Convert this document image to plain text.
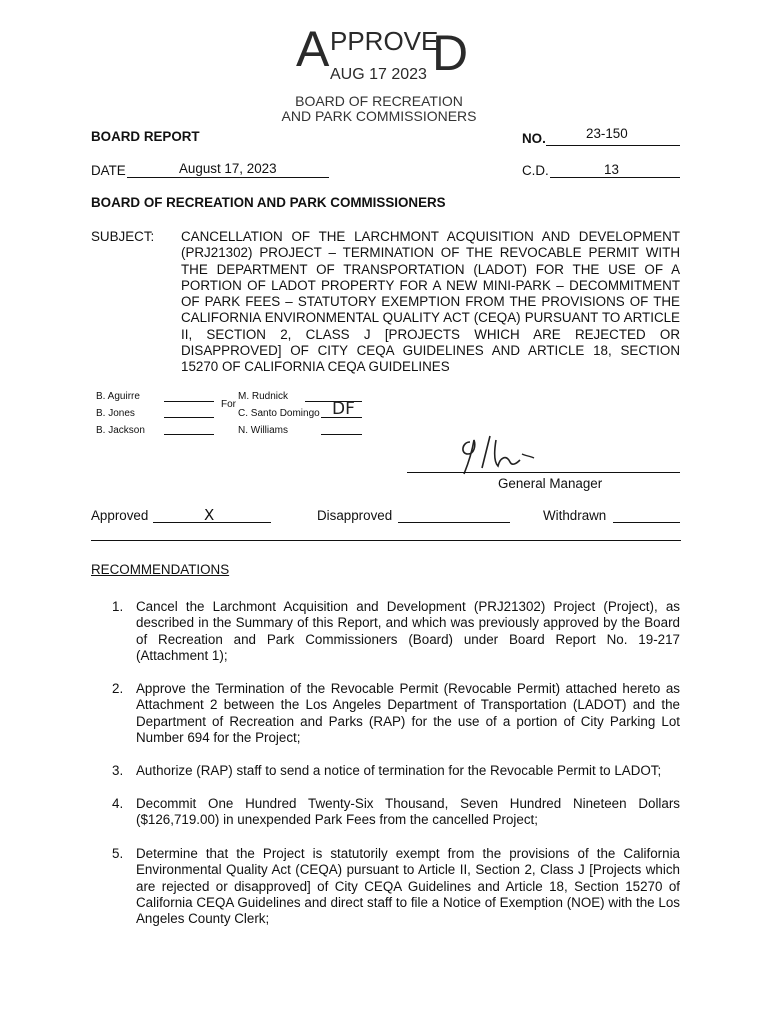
A PPROVE
D
AUG 17 2023
BOARD OF RECREATION
AND PARK COMMISSIONERS
BOARD REPORT	NO.	23-150
DATE	August 17, 2023	C.D.	13
BOARD OF RECREATION AND PARK COMMISSIONERS
SUBJECT: CANCELLATION OF THE LARCHMONT ACQUISITION AND DEVELOPMENT (PRJ21302) PROJECT – TERMINATION OF THE REVOCABLE PERMIT WITH THE DEPARTMENT OF TRANSPORTATION (LADOT) FOR THE USE OF A PORTION OF LADOT PROPERTY FOR A NEW MINI-PARK – DECOMMITMENT OF PARK FEES – STATUTORY EXEMPTION FROM THE PROVISIONS OF THE CALIFORNIA ENVIRONMENTAL QUALITY ACT (CEQA) PURSUANT TO ARTICLE II, SECTION 2, CLASS J [PROJECTS WHICH ARE REJECTED OR DISAPPROVED] OF CITY CEQA GUIDELINES AND ARTICLE 18, SECTION 15270 OF CALIFORNIA CEQA GUIDELINES
B. Aguirre
B. Jones
B. Jackson
For
M. Rudnick
C. Santo Domingo DF
N. Williams
General Manager
Approved	X	Disapproved	Withdrawn
RECOMMENDATIONS
1. Cancel the Larchmont Acquisition and Development (PRJ21302) Project (Project), as described in the Summary of this Report, and which was previously approved by the Board of Recreation and Park Commissioners (Board) under Board Report No. 19-217 (Attachment 1);
2. Approve the Termination of the Revocable Permit (Revocable Permit) attached hereto as Attachment 2 between the Los Angeles Department of Transportation (LADOT) and the Department of Recreation and Parks (RAP) for the use of a portion of City Parking Lot Number 694 for the Project;
3. Authorize (RAP) staff to send a notice of termination for the Revocable Permit to LADOT;
4. Decommit One Hundred Twenty-Six Thousand, Seven Hundred Nineteen Dollars ($126,719.00) in unexpended Park Fees from the cancelled Project;
5. Determine that the Project is statutorily exempt from the provisions of the California Environmental Quality Act (CEQA) pursuant to Article II, Section 2, Class J [Projects which are rejected or disapproved] of City CEQA Guidelines and Article 18, Section 15270 of California CEQA Guidelines and direct staff to file a Notice of Exemption (NOE) with the Los Angeles County Clerk;
